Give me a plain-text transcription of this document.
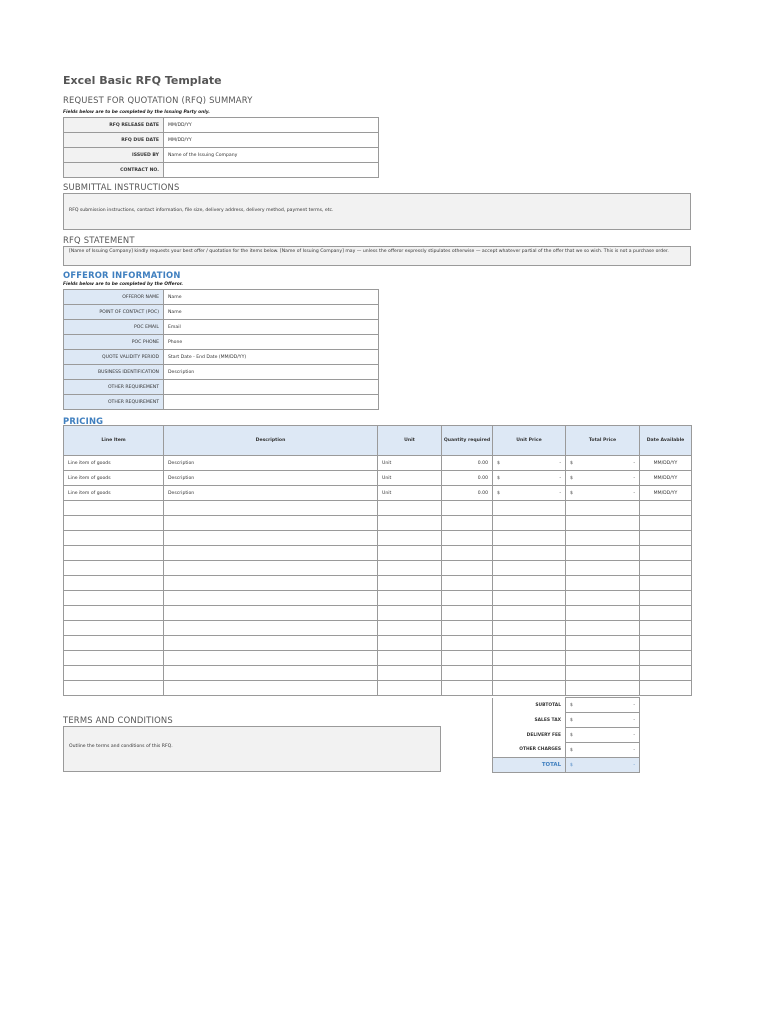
Excel Basic RFQ Template
REQUEST FOR QUOTATION (RFQ) SUMMARY
Fields below are to be completed by the Issuing Party only.
RFQ RELEASE DATE	MM/DD/YY
RFQ DUE DATE	MM/DD/YY
ISSUED BY	Name of the Issuing Company
CONTRACT NO.	
SUBMITTAL INSTRUCTIONS
RFQ submission instructions, contact information, file size, delivery address, delivery method, payment terms, etc.
RFQ STATEMENT
[Name of Issuing Company] kindly requests your best offer / quotation for the items below. [Name of Issuing Company] may — unless the offeror expressly stipulates otherwise — accept whatever partial of the offer that we so wish. This is not a purchase order.
OFFEROR INFORMATION
Fields below are to be completed by the Offeror.
OFFEROR NAME	Name
POINT OF CONTACT (POC)	Name
POC EMAIL	Email
POC PHONE	Phone
QUOTE VALIDITY PERIOD	Start Date - End Date (MM/DD/YY)
BUSINESS IDENTIFICATION	Description
OTHER REQUIREMENT	
OTHER REQUIREMENT	
PRICING
Line Item	Description	Unit	Quantity required	Unit Price	Total Price	Date Available
Line item of goods	Description	Unit	0.00	$ -	$ -	MM/DD/YY
Line item of goods	Description	Unit	0.00	$ -	$ -	MM/DD/YY
Line item of goods	Description	Unit	0.00	$ -	$ -	MM/DD/YY

SUBTOTAL	$ -

SALES TAX	$ -

DELIVERY FEE	$ -

OTHER CHARGES	$ -

TOTAL	$ -
TERMS AND CONDITIONS
Outline the terms and conditions of this RFQ.
